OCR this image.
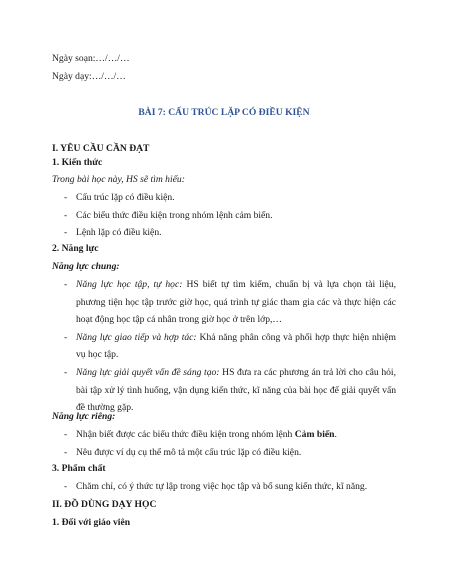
Ngày soạn:…/…/…

Ngày dạy:…/…/…

BÀI 7: CẤU TRÚC LẶP CÓ ĐIỀU KIỆN

I. YÊU CẦU CẦN ĐẠT

1. Kiến thức

Trong bài học này, HS sẽ tìm hiểu:

- Cấu trúc lặp có điều kiện.
- Các biểu thức điều kiện trong nhóm lệnh cảm biến.
- Lệnh lặp có điều kiện.

2. Năng lực

Năng lực chung:

- Năng lực học tập, tự học: HS biết tự tìm kiếm, chuẩn bị và lựa chọn tài liệu, phương tiện học tập trước giờ học, quá trình tự giác tham gia các và thực hiện các hoạt động học tập cá nhân trong giờ học ở trên lớp,…
- Năng lực giao tiếp và hợp tác: Khả năng phân công và phối hợp thực hiện nhiệm vụ học tập.
- Năng lực giải quyết vấn đề sáng tạo: HS đưa ra các phương án trả lời cho câu hỏi, bài tập xử lý tình huống, vận dụng kiến thức, kĩ năng của bài học để giải quyết vấn đề thường gặp.

Năng lực riêng:

- Nhận biết được các biểu thức điều kiện trong nhóm lệnh Cảm biến.
- Nêu được ví dụ cụ thể mô tả một cấu trúc lặp có điều kiện.

3. Phẩm chất

- Chăm chỉ, có ý thức tự lập trong việc học tập và bổ sung kiến thức, kĩ năng.

II. ĐỒ DÙNG DẠY HỌC

1. Đối với giáo viên
